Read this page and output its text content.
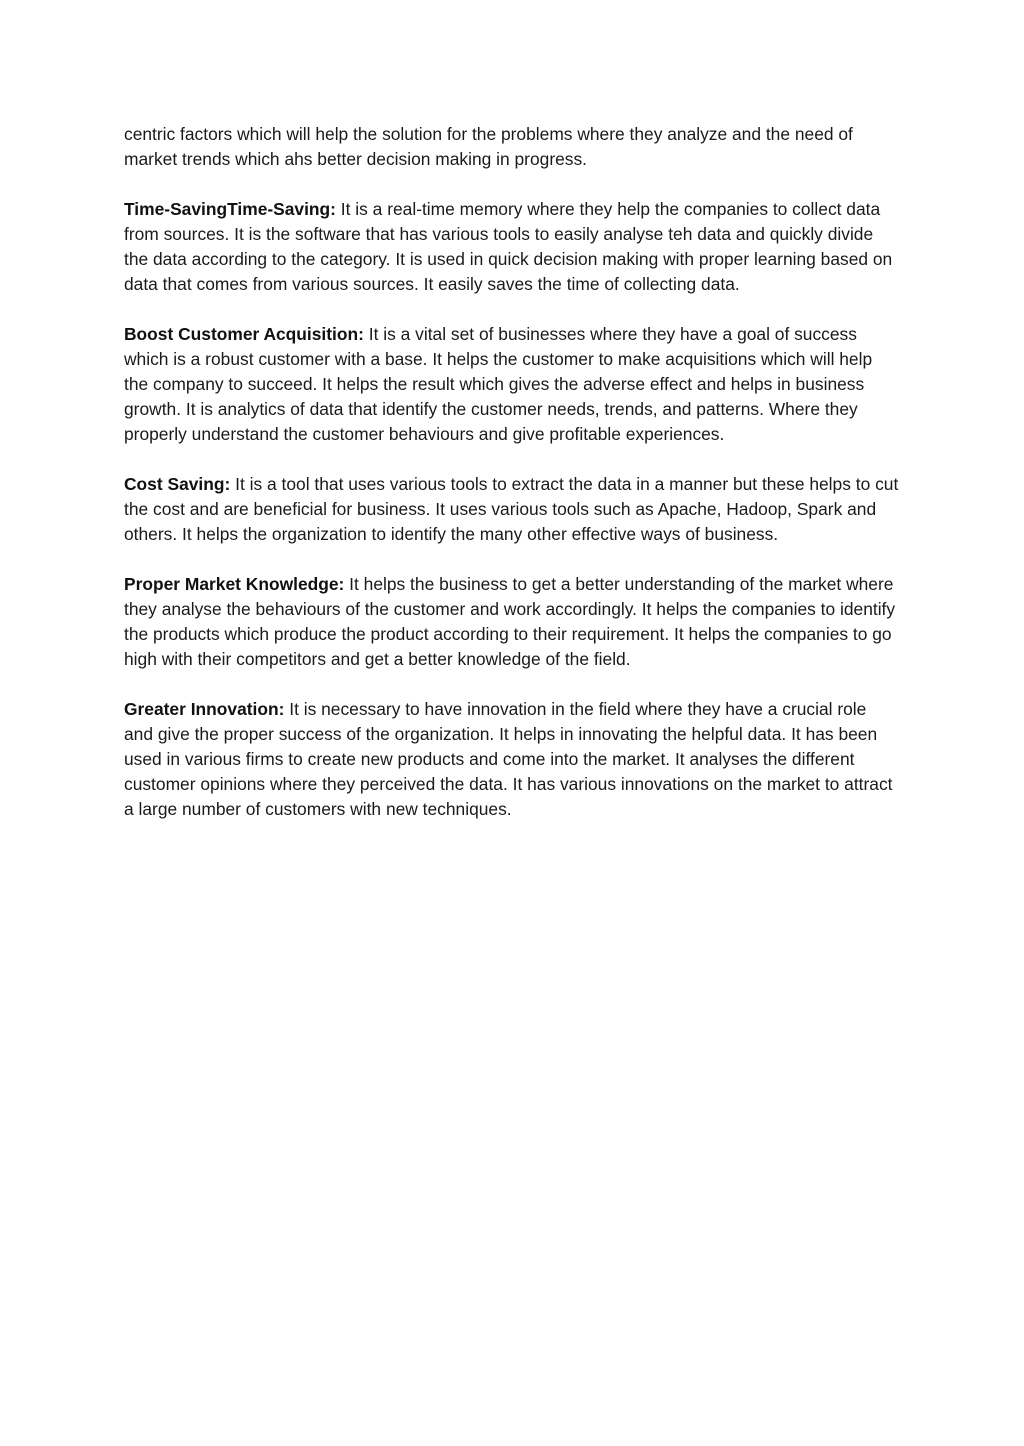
centric factors which will help the solution for the problems where they analyze and the need of market trends which ahs better decision making in progress.

Time-SavingTime-Saving: It is a real-time memory where they help the companies to collect data from sources. It is the software that has various tools to easily analyse teh data and quickly divide the data according to the category. It is used in quick decision making with proper learning based on data that comes from various sources. It easily saves the time of collecting data.

Boost Customer Acquisition: It is a vital set of businesses where they have a goal of success which is a robust customer with a base. It helps the customer to make acquisitions which will help the company to succeed. It helps the result which gives the adverse effect and helps in business growth. It is analytics of data that identify the customer needs, trends, and patterns. Where they properly understand the customer behaviours and give profitable experiences.

Cost Saving: It is a tool that uses various tools to extract the data in a manner but these helps to cut the cost and are beneficial for business. It uses various tools such as Apache, Hadoop, Spark and others. It helps the organization to identify the many other effective ways of business.

Proper Market Knowledge: It helps the business to get a better understanding of the market where they analyse the behaviours of the customer and work accordingly. It helps the companies to identify the products which produce the product according to their requirement. It helps the companies to go high with their competitors and get a better knowledge of the field.

Greater Innovation: It is necessary to have innovation in the field where they have a crucial role and give the proper success of the organization. It helps in innovating the helpful data. It has been used in various firms to create new products and come into the market. It analyses the different customer opinions where they perceived the data. It has various innovations on the market to attract a large number of customers with new techniques.
